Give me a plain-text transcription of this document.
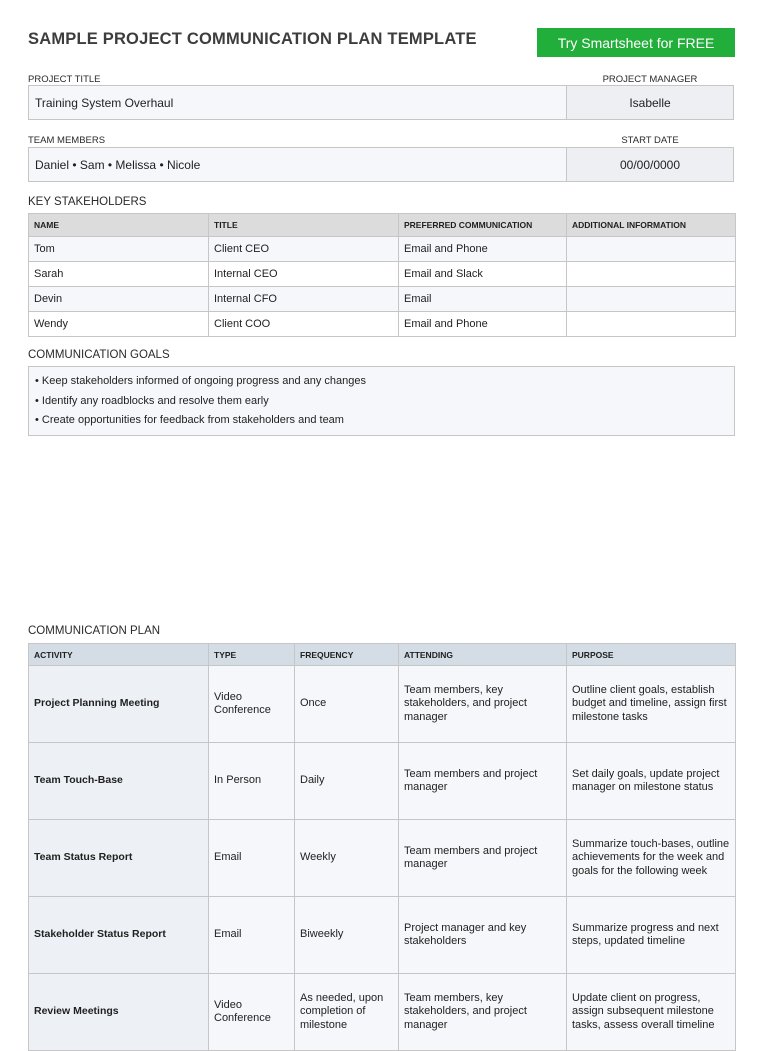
SAMPLE PROJECT COMMUNICATION PLAN TEMPLATE	Try Smartsheet for FREE
PROJECT TITLE	PROJECT MANAGER
Training System Overhaul	Isabelle
TEAM MEMBERS	START DATE
Daniel • Sam • Melissa • Nicole	00/00/0000
KEY STAKEHOLDERS
NAME	TITLE	PREFERRED COMMUNICATION	ADDITIONAL INFORMATION
Tom	Client CEO	Email and Phone	
Sarah	Internal CEO	Email and Slack	
Devin	Internal CFO	Email	
Wendy	Client COO	Email and Phone	
COMMUNICATION GOALS
• Keep stakeholders informed of ongoing progress and any changes
• Identify any roadblocks and resolve them early
• Create opportunities for feedback from stakeholders and team
COMMUNICATION PLAN
ACTIVITY	TYPE	FREQUENCY	ATTENDING	PURPOSE
Project Planning Meeting	Video Conference	Once	Team members, key stakeholders, and project manager	Outline client goals, establish budget and timeline, assign first milestone tasks
Team Touch-Base	In Person	Daily	Team members and project manager	Set daily goals, update project manager on milestone status
Team Status Report	Email	Weekly	Team members and project manager	Summarize touch-bases, outline achievements for the week and goals for the following week
Stakeholder Status Report	Email	Biweekly	Project manager and key stakeholders	Summarize progress and next steps, updated timeline
Review Meetings	Video Conference	As needed, upon completion of milestone	Team members, key stakeholders, and project manager	Update client on progress, assign subsequent milestone tasks, assess overall timeline
